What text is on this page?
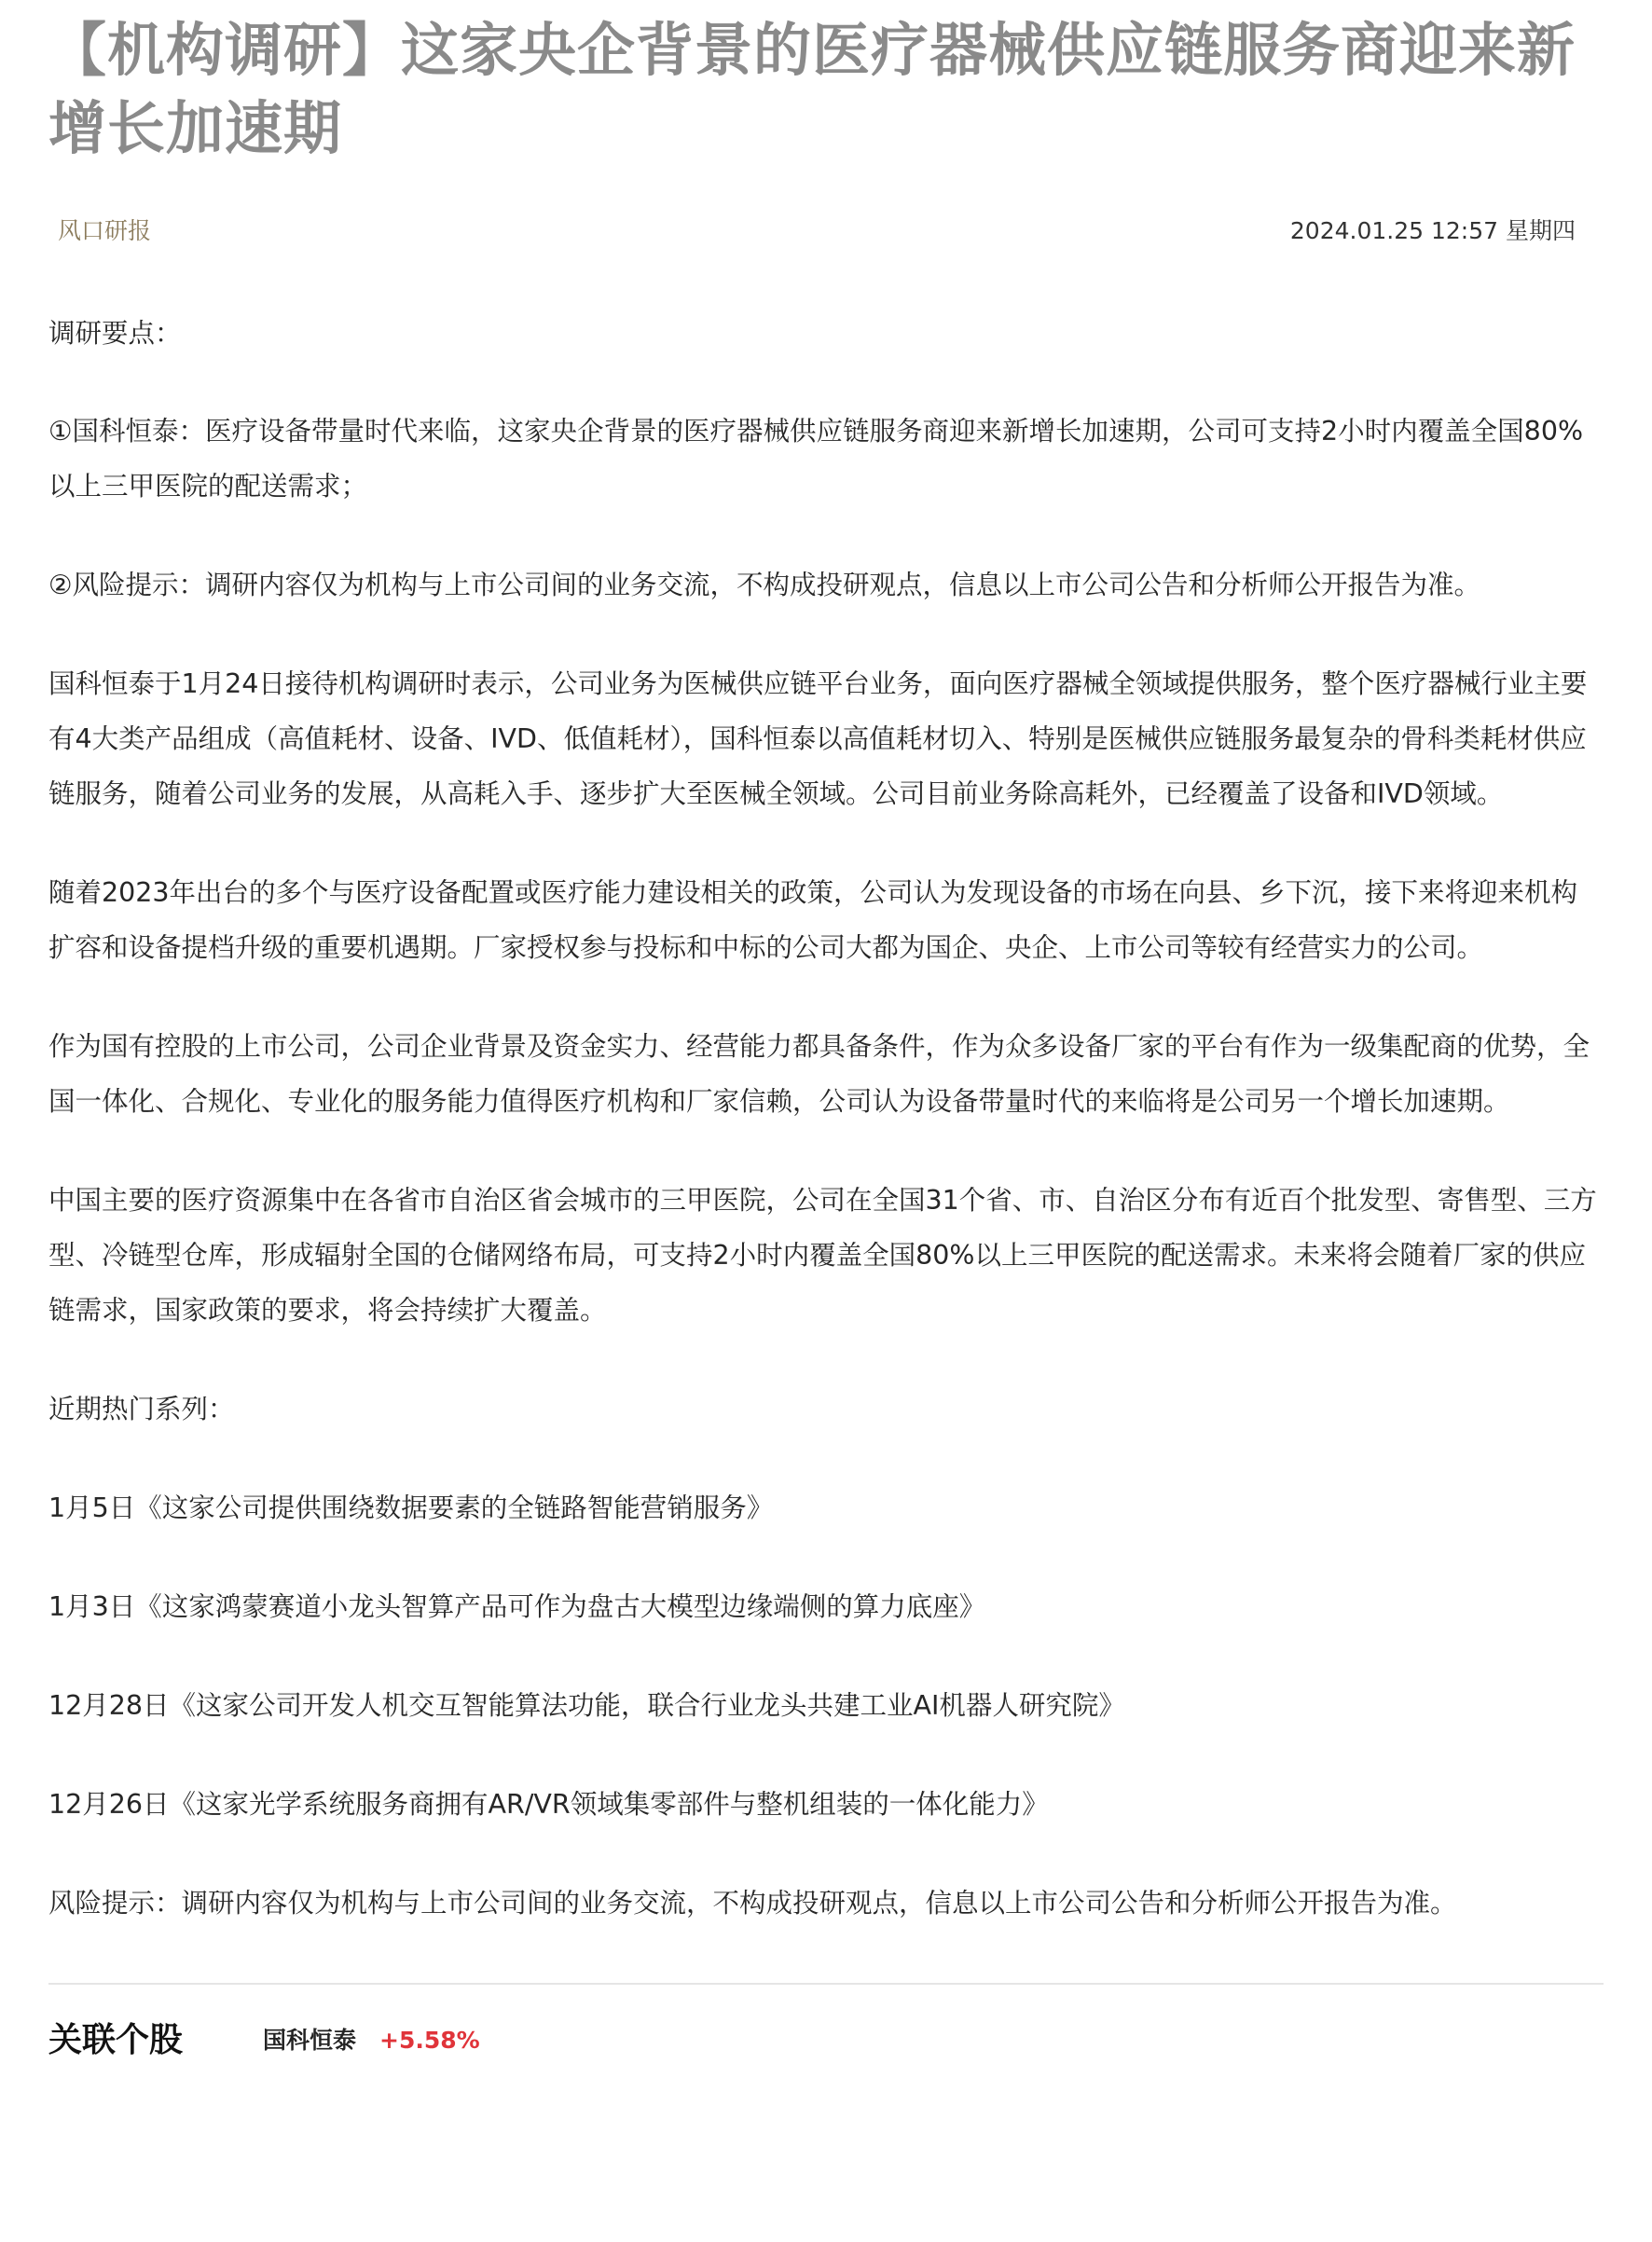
【机构调研】这家央企背景的医疗器械供应链服务商迎来新增长加速期
风口研报	2024.01.25 12:57 星期四

调研要点：

①国科恒泰：医疗设备带量时代来临，这家央企背景的医疗器械供应链服务商迎来新增长加速期，公司可支持2小时内覆盖全国80%以上三甲医院的配送需求；

②风险提示：调研内容仅为机构与上市公司间的业务交流，不构成投研观点，信息以上市公司公告和分析师公开报告为准。

国科恒泰于1月24日接待机构调研时表示，公司业务为医械供应链平台业务，面向医疗器械全领域提供服务，整个医疗器械行业主要有4大类产品组成（高值耗材、设备、IVD、低值耗材），国科恒泰以高值耗材切入、特别是医械供应链服务最复杂的骨科类耗材供应链服务，随着公司业务的发展，从高耗入手、逐步扩大至医械全领域。公司目前业务除高耗外，已经覆盖了设备和IVD领域。

随着2023年出台的多个与医疗设备配置或医疗能力建设相关的政策，公司认为发现设备的市场在向县、乡下沉，接下来将迎来机构扩容和设备提档升级的重要机遇期。厂家授权参与投标和中标的公司大都为国企、央企、上市公司等较有经营实力的公司。

作为国有控股的上市公司，公司企业背景及资金实力、经营能力都具备条件，作为众多设备厂家的平台有作为一级集配商的优势，全国一体化、合规化、专业化的服务能力值得医疗机构和厂家信赖，公司认为设备带量时代的来临将是公司另一个增长加速期。

中国主要的医疗资源集中在各省市自治区省会城市的三甲医院，公司在全国31个省、市、自治区分布有近百个批发型、寄售型、三方型、冷链型仓库，形成辐射全国的仓储网络布局，可支持2小时内覆盖全国80%以上三甲医院的配送需求。未来将会随着厂家的供应链需求，国家政策的要求，将会持续扩大覆盖。

近期热门系列：

1月5日《这家公司提供围绕数据要素的全链路智能营销服务》

1月3日《这家鸿蒙赛道小龙头智算产品可作为盘古大模型边缘端侧的算力底座》

12月28日《这家公司开发人机交互智能算法功能，联合行业龙头共建工业AI机器人研究院》

12月26日《这家光学系统服务商拥有AR/VR领域集零部件与整机组装的一体化能力》

风险提示：调研内容仅为机构与上市公司间的业务交流，不构成投研观点，信息以上市公司公告和分析师公开报告为准。

关联个股	国科恒泰 +5.58%
